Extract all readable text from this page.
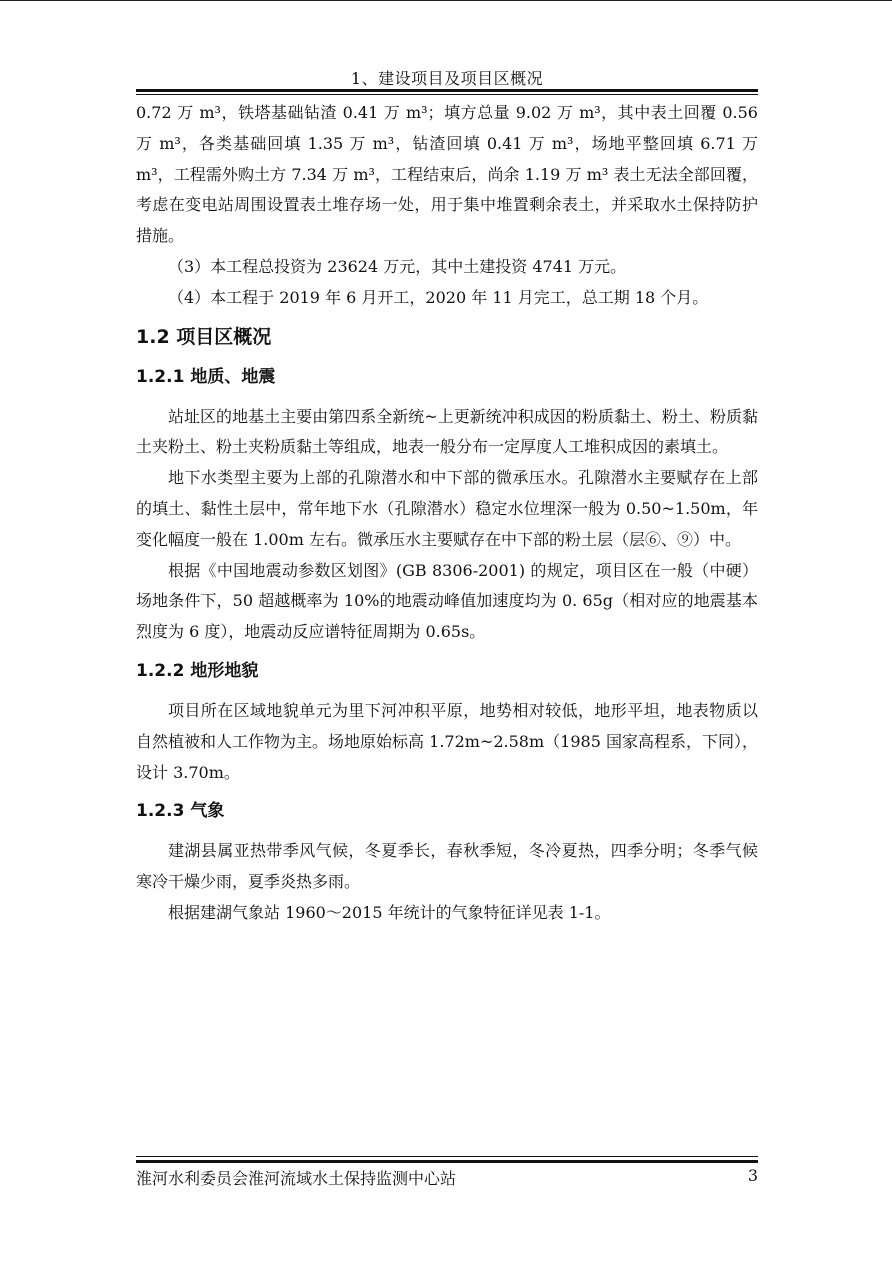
1、建设项目及项目区概况

0.72 万 m³，铁塔基础钻渣 0.41 万 m³；填方总量 9.02 万 m³，其中表土回覆 0.56 万 m³，各类基础回填 1.35 万 m³，钻渣回填 0.41 万 m³，场地平整回填 6.71 万 m³，工程需外购土方 7.34 万 m³，工程结束后，尚余 1.19 万 m³ 表土无法全部回覆，考虑在变电站周围设置表土堆存场一处，用于集中堆置剩余表土，并采取水土保持防护措施。

（3）本工程总投资为 23624 万元，其中土建投资 4741 万元。

（4）本工程于 2019 年 6 月开工，2020 年 11 月完工，总工期 18 个月。

1.2 项目区概况
1.2.1 地质、地震

站址区的地基土主要由第四系全新统~上更新统冲积成因的粉质黏土、粉土、粉质黏土夹粉土、粉土夹粉质黏土等组成，地表一般分布一定厚度人工堆积成因的素填土。

地下水类型主要为上部的孔隙潜水和中下部的微承压水。孔隙潜水主要赋存在上部的填土、黏性土层中，常年地下水（孔隙潜水）稳定水位埋深一般为 0.50~1.50m，年变化幅度一般在 1.00m 左右。微承压水主要赋存在中下部的粉土层（层⑥、⑨）中。

根据《中国地震动参数区划图》(GB 8306-2001) 的规定，项目区在一般（中硬）场地条件下，50 超越概率为 10%的地震动峰值加速度均为 0. 65g（相对应的地震基本烈度为 6 度），地震动反应谱特征周期为 0.65s。

1.2.2 地形地貌

项目所在区域地貌单元为里下河冲积平原，地势相对较低，地形平坦，地表物质以自然植被和人工作物为主。场地原始标高 1.72m~2.58m（1985 国家高程系，下同），设计 3.70m。

1.2.3 气象

建湖县属亚热带季风气候，冬夏季长，春秋季短，冬冷夏热，四季分明；冬季气候寒冷干燥少雨，夏季炎热多雨。

根据建湖气象站 1960～2015 年统计的气象特征详见表 1-1。

淮河水利委员会淮河流域水土保持监测中心站	3
